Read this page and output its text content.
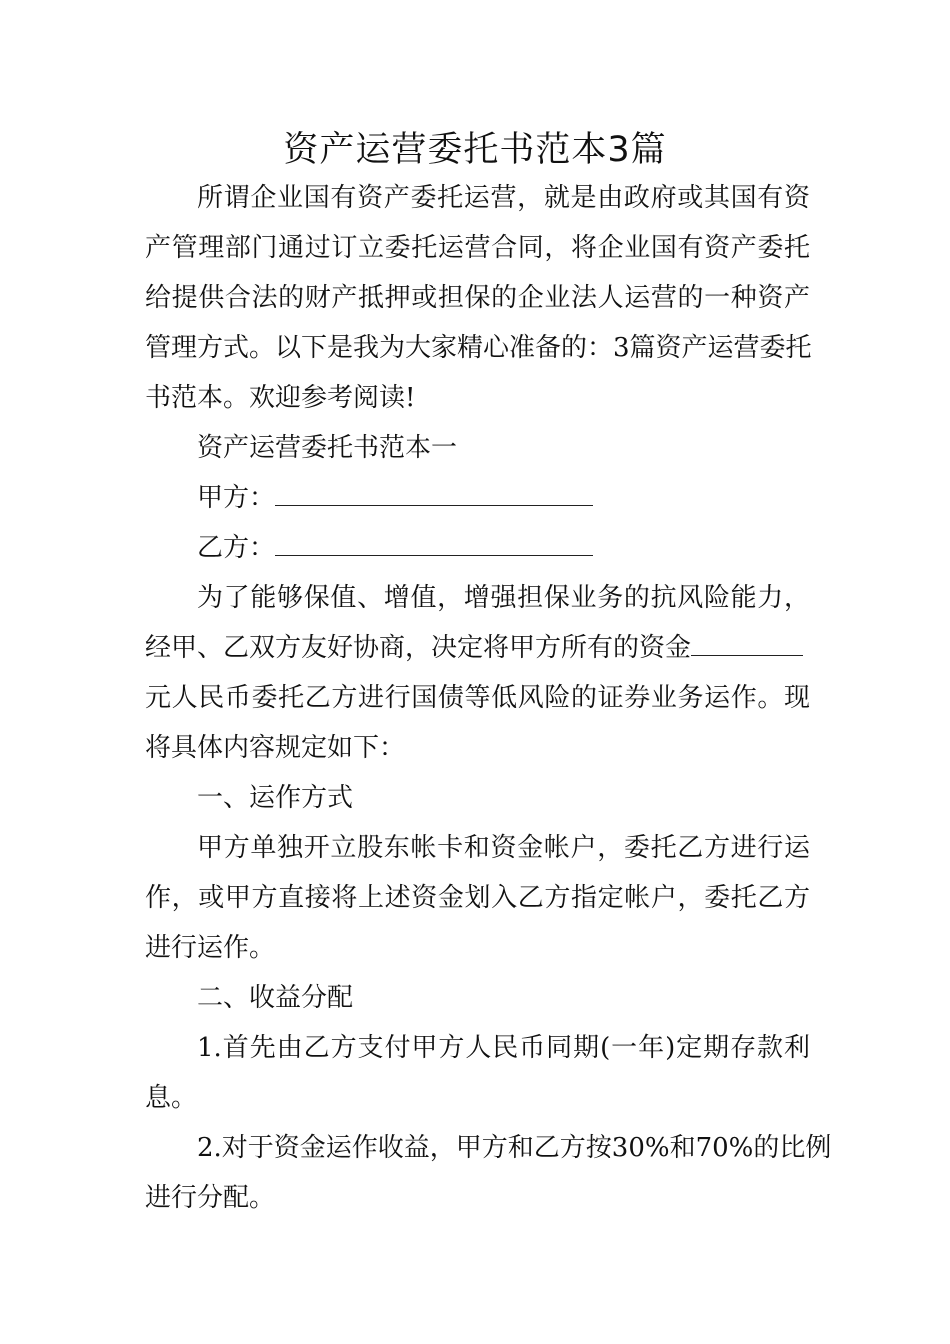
资产运营委托书范本3篇
所谓企业国有资产委托运营，就是由政府或其国有资
产管理部门通过订立委托运营合同，将企业国有资产委托
给提供合法的财产抵押或担保的企业法人运营的一种资产
管理方式。以下是我为大家精心准备的：3篇资产运营委托
书范本。欢迎参考阅读!
资产运营委托书范本一
甲方：
乙方：
为了能够保值、增值，增强担保业务的抗风险能力，
经甲、乙双方友好协商，决定将甲方所有的资金
元人民币委托乙方进行国债等低风险的证券业务运作。现
将具体内容规定如下：
一、运作方式
甲方单独开立股东帐卡和资金帐户，委托乙方进行运
作，或甲方直接将上述资金划入乙方指定帐户，委托乙方
进行运作。
二、收益分配
1.首先由乙方支付甲方人民币同期(一年)定期存款利
息。
2.对于资金运作收益，甲方和乙方按30%和70%的比例
进行分配。
